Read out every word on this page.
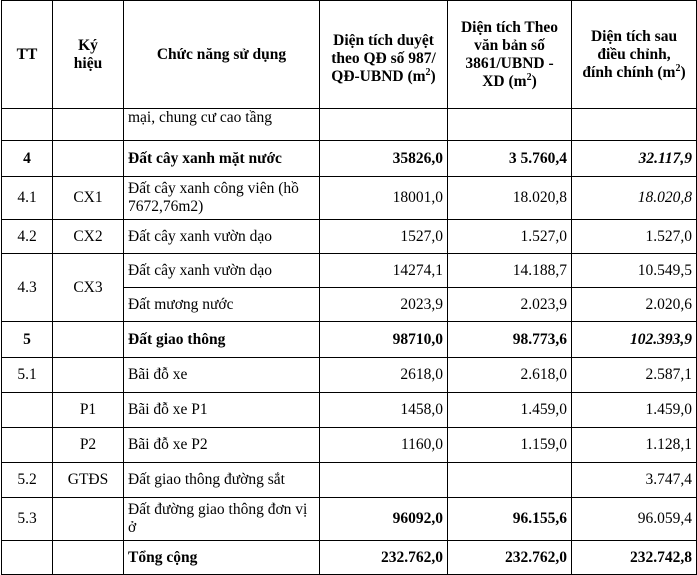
TT	Ký hiệu	Chức năng sử dụng	Diện tích duyệt theo QĐ số 987/ QĐ-UBND $(m^2)$	Diện tích Theo văn bản số 3861/UBND -XD $(m^2)$	Diện tích sau điều chỉnh, đính chính $(m^2)$
		mại, chung cư cao tầng			
4		Đất cây xanh mặt nước	35826,0	3 5.760,4	32.117,9
4.1	CX1	Đất cây xanh công viên (hồ 7672,76m2)	18001,0	18.020,8	18.020,8
4.2	CX2	Đất cây xanh vườn dạo	1527,0	1.527,0	1.527,0
4.3	CX3	Đất cây xanh vườn dạo	14274,1	14.188,7	10.549,5
		Đất mương nước	2023,9	2.023,9	2.020,6
5		Đất giao thông	98710,0	98.773,6	102.393,9
5.1		Bãi đỗ xe	2618,0	2.618,0	2.587,1
	P1	Bãi đỗ xe P1	1458,0	1.459,0	1.459,0
	P2	Bãi đỗ xe P2	1160,0	1.159,0	1.128,1
5.2	GTĐS	Đất giao thông đường sắt			3.747,4
5.3		Đất đường giao thông đơn vị ở	96092,0	96.155,6	96.059,4
		Tổng cộng	232.762,0	232.762,0	232.742,8
